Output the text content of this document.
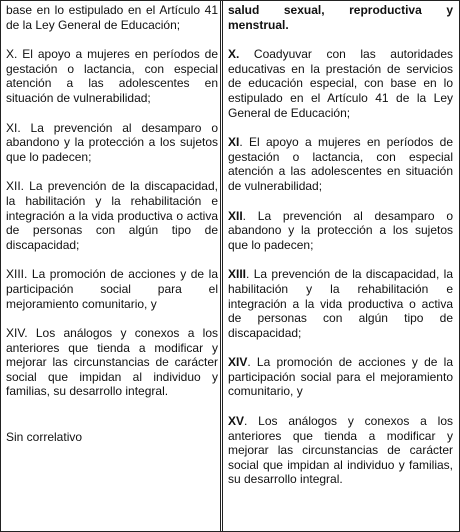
base en lo estipulado en el Artículo 41 de la Ley General de Educación;

X. El apoyo a mujeres en períodos de gestación o lactancia, con especial atención a las adolescentes en situación de vulnerabilidad;

XI. La prevención al desamparo o abandono y la protección a los sujetos que lo padecen;

XII. La prevención de la discapacidad, la habilitación y la rehabilitación e integración a la vida productiva o activa de personas con algún tipo de discapacidad;

XIII. La promoción de acciones y de la participación social para el mejoramiento comunitario, y

XIV. Los análogos y conexos a los anteriores que tienda a modificar y mejorar las circunstancias de carácter social que impidan al individuo y familias, su desarrollo integral.

Sin correlativo

salud sexual, reproductiva y
menstrual.

X. Coadyuvar con las autoridades educativas en la prestación de servicios de educación especial, con base en lo estipulado en el Artículo 41 de la Ley General de Educación;

XI. El apoyo a mujeres en períodos de gestación o lactancia, con especial atención a las adolescentes en situación de vulnerabilidad;

XII. La prevención al desamparo o abandono y la protección a los sujetos que lo padecen;

XIII. La prevención de la discapacidad, la habilitación y la rehabilitación e integración a la vida productiva o activa de personas con algún tipo de discapacidad;

XIV. La promoción de acciones y de la participación social para el mejoramiento comunitario, y

XV. Los análogos y conexos a los anteriores que tienda a modificar y mejorar las circunstancias de carácter social que impidan al individuo y familias, su desarrollo integral.
